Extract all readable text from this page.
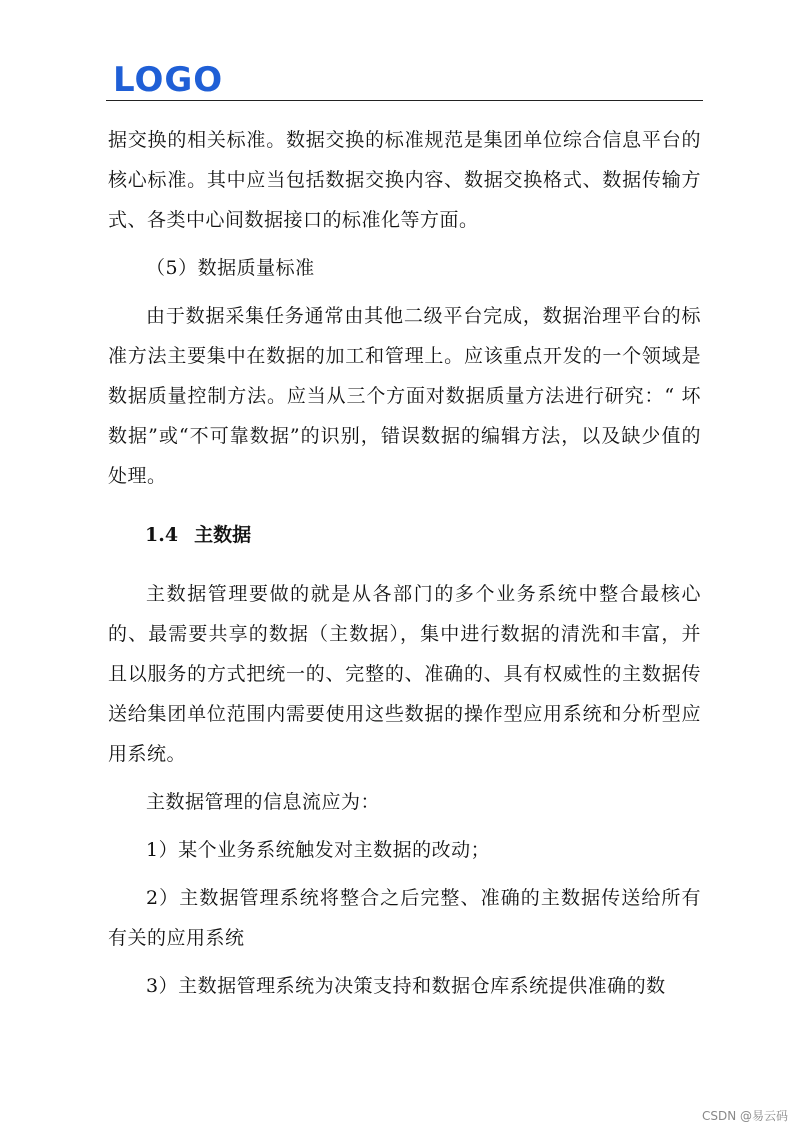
LOGO

据交换的相关标准。数据交换的标准规范是集团单位综合信息平台的核心标准。其中应当包括数据交换内容、数据交换格式、数据传输方式、各类中心间数据接口的标准化等方面。

（5）数据质量标准

由于数据采集任务通常由其他二级平台完成，数据治理平台的标准方法主要集中在数据的加工和管理上。应该重点开发的一个领域是数据质量控制方法。应当从三个方面对数据质量方法进行研究：“ 坏数据”或“不可靠数据”的识别，错误数据的编辑方法，以及缺少值的处理。

1.4 主数据

主数据管理要做的就是从各部门的多个业务系统中整合最核心的、最需要共享的数据（主数据），集中进行数据的清洗和丰富，并且以服务的方式把统一的、完整的、准确的、具有权威性的主数据传送给集团单位范围内需要使用这些数据的操作型应用系统和分析型应用系统。

主数据管理的信息流应为：

1）某个业务系统触发对主数据的改动；

2）主数据管理系统将整合之后完整、准确的主数据传送给所有有关的应用系统

3）主数据管理系统为决策支持和数据仓库系统提供准确的数

CSDN @易云码
